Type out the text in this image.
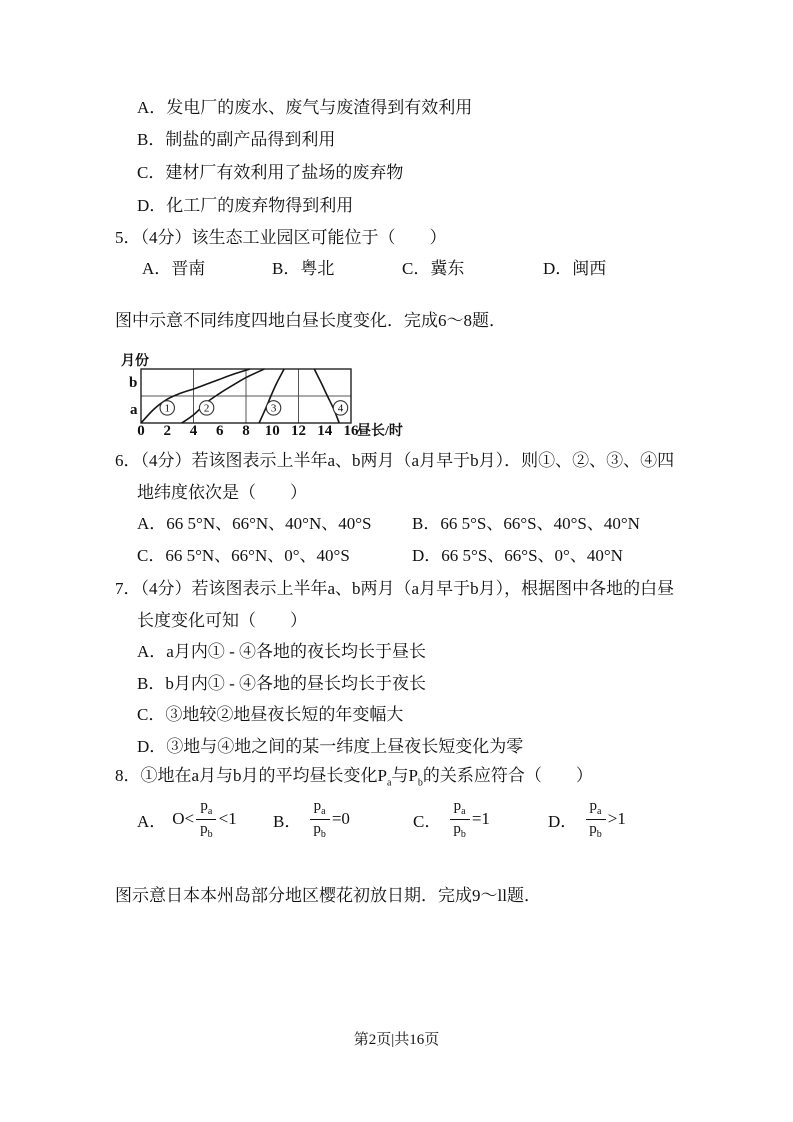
A．发电厂的废水、废气与废渣得到有效利用
B．制盐的副产品得到利用
C．建材厂有效利用了盐场的废弃物
D．化工厂的废弃物得到利用
5．（4分）该生态工业园区可能位于（　　）
A．晋南	B．粤北	C．冀东	D．闽西
图中示意不同纬度四地白昼长度变化．完成6～8题．
1	2	3	4
0 2 4 6 8 10 12 14 16
月份
b
a
昼长/时
6．（4分）若该图表示上半年a、b两月（a月早于b月）．则①、②、③、④四
地纬度依次是（　　）
A．66 5°N、66°N、40°N、40°S B．66 5°S、66°S、40°S、40°N
C．66 5°N、66°N、0°、40°S	D．66 5°S、66°S、0°、40°N
7．（4分）若该图表示上半年a、b两月（a月早于b月），根据图中各地的白昼
长度变化可知（　　）
A．a月内① - ④各地的夜长均长于昼长
B．b月内① - ④各地的昼长均长于夜长
C．③地较②地昼夜长短的年变幅大
D．③地与④地之间的某一纬度上昼夜长短变化为零
8．①地在a月与b月的平均昼长变化$P_a$与$P_b$的关系应符合（　　）
A． $O< \frac{p_a}{p_b} <1$ B． $\frac{p_a}{p_b} =0$	C． $\frac{p_a}{p_b} =1$	D． $\frac{p_a}{p_b} >1$
图示意日本本州岛部分地区樱花初放日期．完成9～ll题．
第2页|共16页
